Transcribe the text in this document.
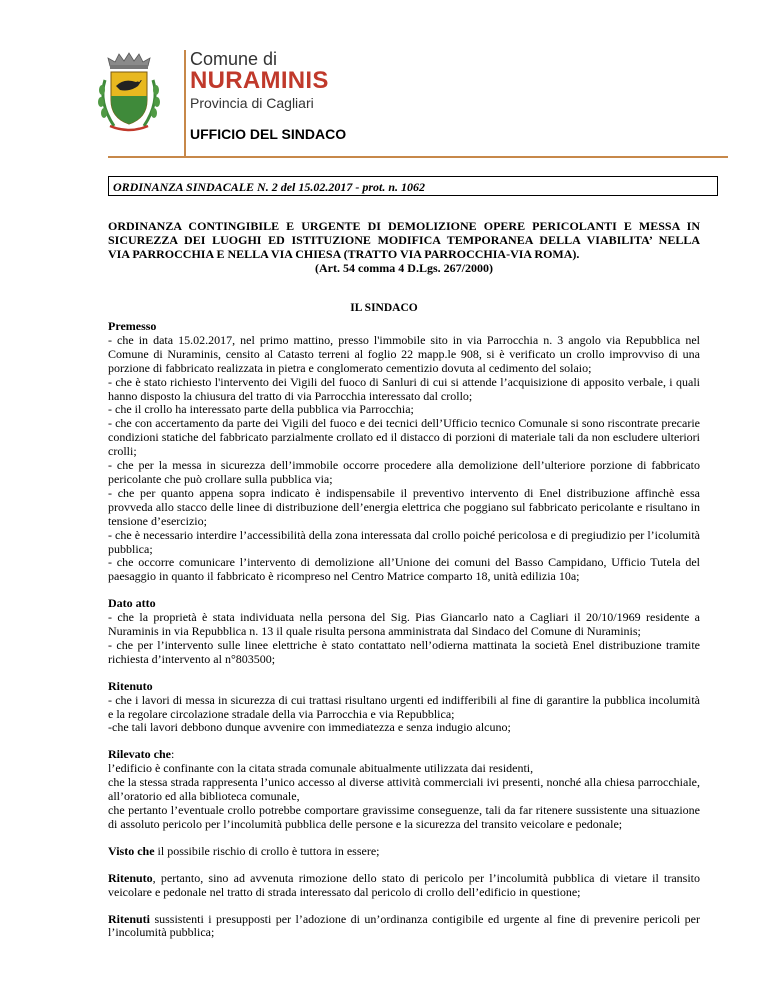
Comune di
NURAMINIS
Provincia di Cagliari
UFFICIO DEL SINDACO
ORDINANZA SINDACALE N. 2 del 15.02.2017 - prot. n. 1062
ORDINANZA CONTINGIBILE E URGENTE DI DEMOLIZIONE OPERE PERICOLANTI E MESSA IN
SICUREZZA DEI LUOGHI ED ISTITUZIONE MODIFICA TEMPORANEA DELLA VIABILITA’ NELLA
VIA PARROCCHIA E NELLA VIA CHIESA (TRATTO VIA PARROCCHIA-VIA ROMA).
(Art. 54 comma 4 D.Lgs. 267/2000)
IL SINDACO

Premesso

- che in data 15.02.2017, nel primo mattino, presso l'immobile sito in via Parrocchia n. 3 angolo via Repubblica nel Comune di Nuraminis, censito al Catasto terreni al foglio 22 mapp.le 908, si è verificato un crollo improvviso di una porzione di fabbricato realizzata in pietra e conglomerato cementizio dovuta al cedimento del solaio;

- che è stato richiesto l'intervento dei Vigili del fuoco di Sanluri di cui si attende l’acquisizione di apposito verbale, i quali hanno disposto la chiusura del tratto di via Parrocchia interessato dal crollo;

- che il crollo ha interessato parte della pubblica via Parrocchia;

- che con accertamento da parte dei Vigili del fuoco e dei tecnici dell’Ufficio tecnico Comunale si sono riscontrate precarie condizioni statiche del fabbricato parzialmente crollato ed il distacco di porzioni di materiale tali da non escludere ulteriori crolli;

- che per la messa in sicurezza dell’immobile occorre procedere alla demolizione dell’ulteriore porzione di fabbricato pericolante che può crollare sulla pubblica via;

- che per quanto appena sopra indicato è indispensabile il preventivo intervento di Enel distribuzione affinchè essa provveda allo stacco delle linee di distribuzione dell’energia elettrica che poggiano sul fabbricato pericolante e risultano in tensione d’esercizio;

- che è necessario interdire l’accessibilità della zona interessata dal crollo poiché pericolosa e di pregiudizio per l’icolumità pubblica;

- che occorre comunicare l’intervento di demolizione all’Unione dei comuni del Basso Campidano, Ufficio Tutela del paesaggio in quanto il fabbricato è ricompreso nel Centro Matrice comparto 18, unità edilizia 10a;

Dato atto

- che la proprietà è stata individuata nella persona del Sig. Pias Giancarlo nato a Cagliari il 20/10/1969 residente a Nuraminis in via Repubblica n. 13 il quale risulta persona amministrata dal Sindaco del Comune di Nuraminis;

- che per l’intervento sulle linee elettriche è stato contattato nell’odierna mattinata la società Enel distribuzione tramite richiesta d’intervento al n°803500;

Ritenuto

- che i lavori di messa in sicurezza di cui trattasi risultano urgenti ed indifferibili al fine di garantire la pubblica incolumità e la regolare circolazione stradale della via Parrocchia e via Repubblica;

-che tali lavori debbono dunque avvenire con immediatezza e senza indugio alcuno;

Rilevato che:

l’edificio è confinante con la citata strada comunale abitualmente utilizzata dai residenti,

che la stessa strada rappresenta l’unico accesso al diverse attività commerciali ivi presenti, nonché alla chiesa parrocchiale, all’oratorio ed alla biblioteca comunale,

che pertanto l’eventuale crollo potrebbe comportare gravissime conseguenze, tali da far ritenere sussistente una situazione di assoluto pericolo per l’incolumità pubblica delle persone e la sicurezza del transito veicolare e pedonale;

Visto che il possibile rischio di crollo è tuttora in essere;

Ritenuto, pertanto, sino ad avvenuta rimozione dello stato di pericolo per l’incolumità pubblica di vietare il transito veicolare e pedonale nel tratto di strada interessato dal pericolo di crollo dell’edificio in questione;

Ritenuti sussistenti i presupposti per l’adozione di un’ordinanza contigibile ed urgente al fine di prevenire pericoli per l’incolumità pubblica;
